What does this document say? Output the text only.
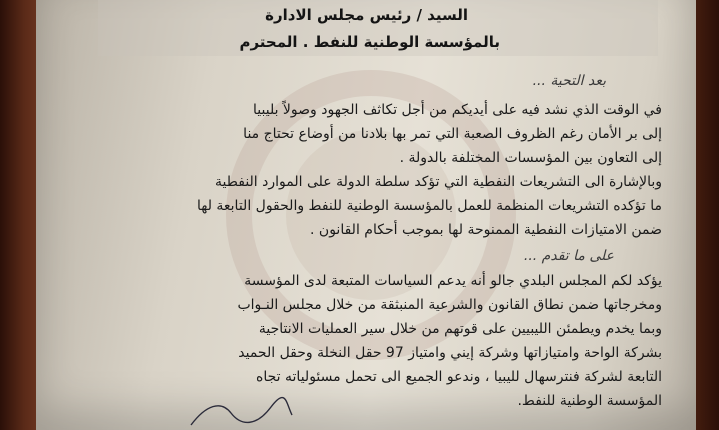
السيد / رئيس مجلس الادارة
بالمؤسسة الوطنية للنفط . المحترم
بعد التحية ...
في الوقت الذي نشد فيه على أيديكم من أجل تكاثف الجهود وصولاً بليبيا
إلى بر الأمان رغم الظروف الصعبة التي تمر بها بلادنا من أوضاع تحتاج منا
إلى التعاون بين المؤسسات المختلفة بالدولة .
وبالإشارة الى التشريعات النفطية التي تؤكد سلطة الدولة على الموارد النفطية
ما تؤكده التشريعات المنظمة للعمل بالمؤسسة الوطنية للنفط والحقول التابعة لها
ضمن الامتيازات النفطية الممنوحة لها بموجب أحكام القانون .
على ما تقدم ...
يؤكد لكم المجلس البلدي جالو أنه يدعم السياسات المتبعة لدى المؤسسة
ومخرجاتها ضمن نطاق القانون والشرعية المنبثقة من خلال مجلس النـواب
وبما يخدم ويطمئن الليبيين على قوتهم من خلال سير العمليات الانتاجية
بشركة الواحة وامتيازاتها وشركة إيني وامتياز 97 حقل النخلة وحقل الحميد
التابعة لشركة فنترسهال لليبيا ، وندعو الجميع الى تحمل مسئولياته تجاه
المؤسسة الوطنية للنفط.
